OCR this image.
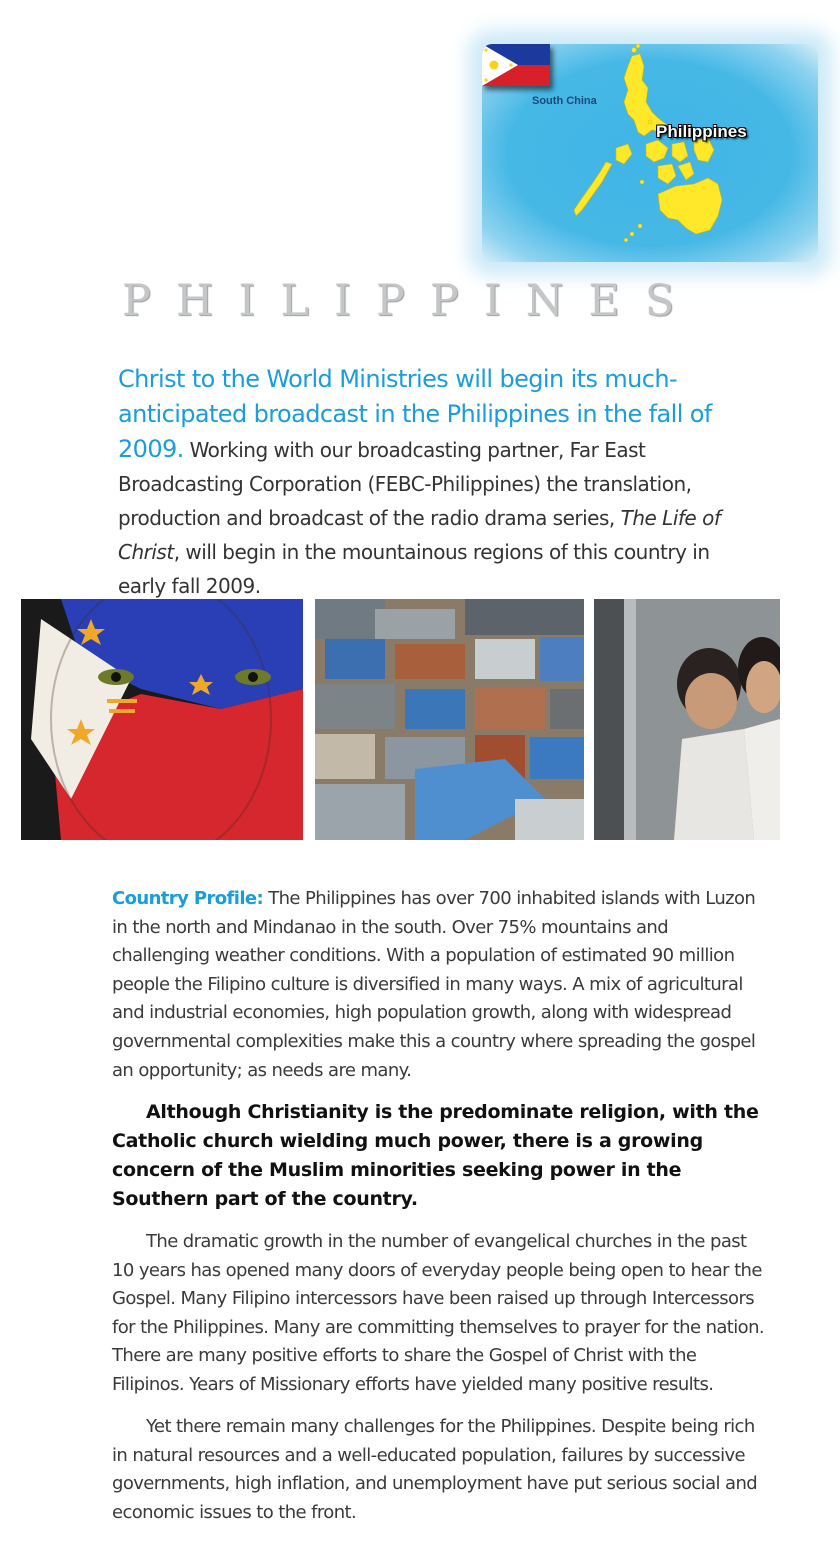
South China
Philippines
PHILIPPINES

Christ to the World Ministries will begin its much-anticipated broadcast in the Philippines in the fall of 2009. Working with our broadcasting partner, Far East Broadcasting Corporation (FEBC-Philippines) the translation, production and broadcast of the radio drama series, The Life of Christ, will begin in the mountainous regions of this country in early fall 2009.

Country Profile: The Philippines has over 700 inhabited islands with Luzon in the north and Mindanao in the south. Over 75% mountains and challenging weather conditions. With a population of estimated 90 million people the Filipino culture is diversified in many ways. A mix of agricultural and industrial economies, high population growth, along with widespread governmental complexities make this a country where spreading the gospel an opportunity; as needs are many.

Although Christianity is the predominate religion, with the Catholic church wielding much power, there is a growing concern of the Muslim minorities seeking power in the Southern part of the country.

The dramatic growth in the number of evangelical churches in the past 10 years has opened many doors of everyday people being open to hear the Gospel. Many Filipino intercessors have been raised up through Intercessors for the Philippines. Many are committing themselves to prayer for the nation. There are many positive efforts to share the Gospel of Christ with the Filipinos. Years of Missionary efforts have yielded many positive results.

Yet there remain many challenges for the Philippines. Despite being rich in natural resources and a well-educated population, failures by successive governments, high inflation, and unemployment have put serious social and economic issues to the front.
